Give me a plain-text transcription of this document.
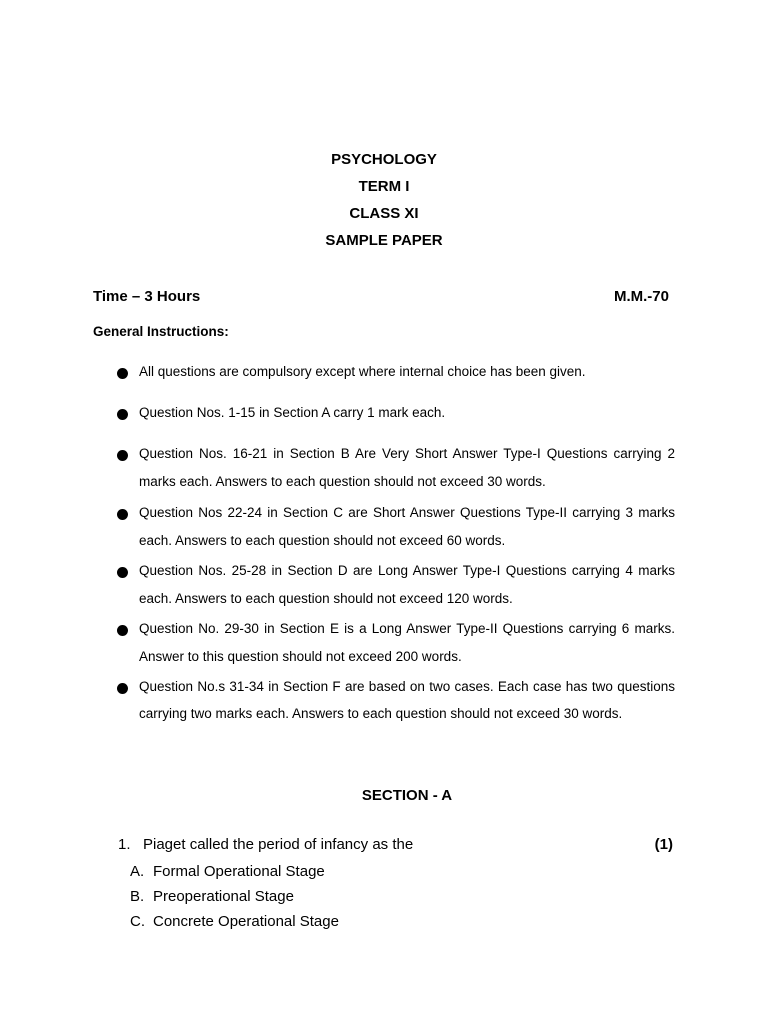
PSYCHOLOGY
TERM I
CLASS XI
SAMPLE PAPER
Time – 3 Hours	M.M.-70
General Instructions:
All questions are compulsory except where internal choice has been given.
Question Nos. 1-15 in Section A carry 1 mark each.
Question Nos. 16-21 in Section B Are Very Short Answer Type-I Questions carrying 2 marks each. Answers to each question should not exceed 30 words.
Question Nos 22-24 in Section C are Short Answer Questions Type-II carrying 3 marks each. Answers to each question should not exceed 60 words.
Question Nos. 25-28 in Section D are Long Answer Type-I Questions carrying 4 marks each. Answers to each question should not exceed 120 words.
Question No. 29-30 in Section E is a Long Answer Type-II Questions carrying 6 marks. Answer to this question should not exceed 200 words.
Question No.s 31-34 in Section F are based on two cases. Each case has two questions carrying two marks each. Answers to each question should not exceed 30 words.
SECTION - A
1. Piaget called the period of infancy as the	(1)
A. Formal Operational Stage
B. Preoperational Stage
C. Concrete Operational Stage
